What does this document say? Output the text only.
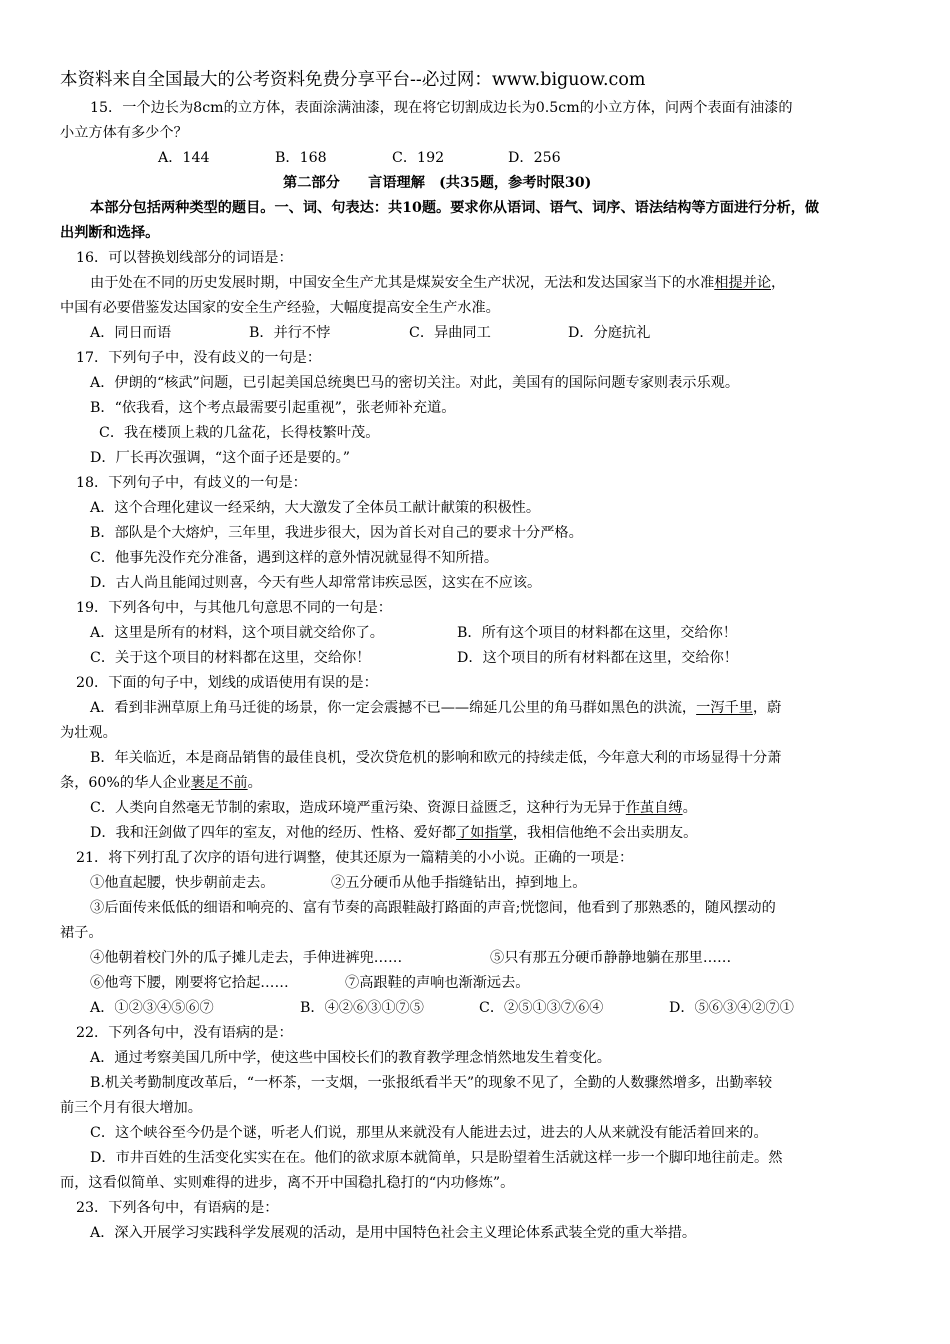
本资料来自全国最大的公考资料免费分享平台--必过网：www.biguow.com
15．一个边长为8cm的立方体，表面涂满油漆，现在将它切割成边长为0.5cm的小立方体，问两个表面有油漆的
小立方体有多少个？
A．144	B．168	C．192	D．256
第二部分　　言语理解　(共35题，参考时限30)
本部分包括两种类型的题目。一、词、句表达：共10题。要求你从语词、语气、词序、语法结构等方面进行分析，做
出判断和选择。
16．可以替换划线部分的词语是：
由于处在不同的历史发展时期，中国安全生产尤其是煤炭安全生产状况，无法和发达国家当下的水准相提并论，
中国有必要借鉴发达国家的安全生产经验，大幅度提高安全生产水准。
A．同日而语	B．并行不悖	C．异曲同工	D．分庭抗礼
17．下列句子中，没有歧义的一句是：
A．伊朗的“核武”问题，已引起美国总统奥巴马的密切关注。对此，美国有的国际问题专家则表示乐观。
B．“依我看，这个考点最需要引起重视”，张老师补充道。
C．我在楼顶上栽的几盆花，长得枝繁叶茂。
D．厂长再次强调，“这个面子还是要的。”
18．下列句子中，有歧义的一句是：
A．这个合理化建议一经采纳，大大激发了全体员工献计献策的积极性。
B．部队是个大熔炉，三年里，我进步很大，因为首长对自己的要求十分严格。
C．他事先没作充分准备，遇到这样的意外情况就显得不知所措。
D．古人尚且能闻过则喜，今天有些人却常常讳疾忌医，这实在不应该。
19．下列各句中，与其他几句意思不同的一句是：
A．这里是所有的材料，这个项目就交给你了。	B．所有这个项目的材料都在这里，交给你！
C．关于这个项目的材料都在这里，交给你！	D．这个项目的所有材料都在这里，交给你！
20．下面的句子中，划线的成语使用有误的是：
A．看到非洲草原上角马迁徙的场景，你一定会震撼不已——绵延几公里的角马群如黑色的洪流，一泻千里，蔚
为壮观。
B．年关临近，本是商品销售的最佳良机，受次贷危机的影响和欧元的持续走低，今年意大利的市场显得十分萧
条，60%的华人企业裹足不前。
C．人类向自然毫无节制的索取，造成环境严重污染、资源日益匮乏，这种行为无异于作茧自缚。
D．我和汪剑做了四年的室友，对他的经历、性格、爱好都了如指掌，我相信他绝不会出卖朋友。
21．将下列打乱了次序的语句进行调整，使其还原为一篇精美的小小说。正确的一项是：
①他直起腰，快步朝前走去。	②五分硬币从他手指缝钻出，掉到地上。
③后面传来低低的细语和响亮的、富有节奏的高跟鞋敲打路面的声音;恍惚间，他看到了那熟悉的，随风摆动的
裙子。
④他朝着校门外的瓜子摊儿走去，手伸进裤兜……	⑤只有那五分硬币静静地躺在那里……
⑥他弯下腰，刚要将它拾起……	⑦高跟鞋的声响也渐渐远去。
A．①②③④⑤⑥⑦	B．④②⑥③①⑦⑤	C．②⑤①③⑦⑥④	D．⑤⑥③④②⑦①
22．下列各句中，没有语病的是：
A．通过考察美国几所中学，使这些中国校长们的教育教学理念悄然地发生着变化。
B.机关考勤制度改革后，“一杯茶，一支烟，一张报纸看半天”的现象不见了，全勤的人数骤然增多，出勤率较
前三个月有很大增加。
C．这个峡谷至今仍是个谜，听老人们说，那里从来就没有人能进去过，进去的人从来就没有能活着回来的。
D．市井百姓的生活变化实实在在。他们的欲求原本就简单，只是盼望着生活就这样一步一个脚印地往前走。然
而，这看似简单、实则难得的进步，离不开中国稳扎稳打的“内功修炼”。
23．下列各句中，有语病的是：
A．深入开展学习实践科学发展观的活动，是用中国特色社会主义理论体系武装全党的重大举措。
